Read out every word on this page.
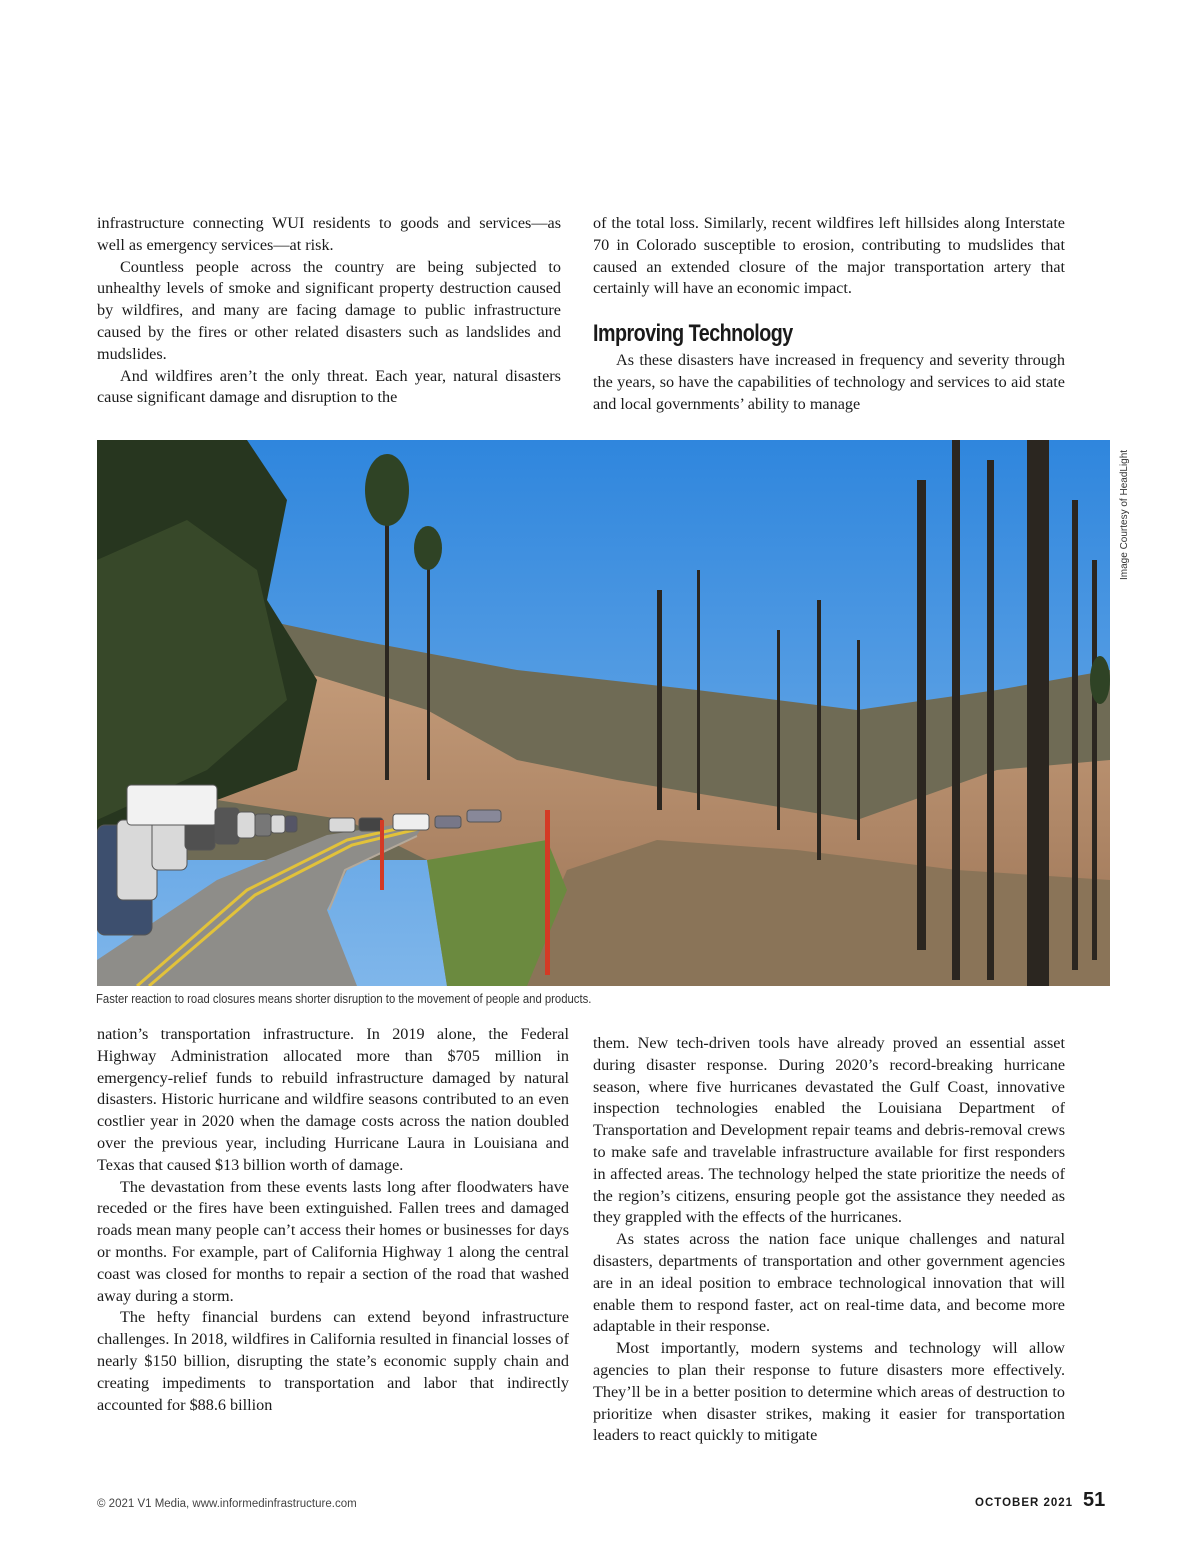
infrastructure connecting WUI residents to goods and services—as well as emergency services—at risk.

Countless people across the country are being subjected to unhealthy levels of smoke and significant property destruction caused by wildfires, and many are facing damage to public infrastructure caused by the fires or other related disasters such as landslides and mudslides.

And wildfires aren’t the only threat. Each year, natural disasters cause significant damage and disruption to the

of the total loss. Similarly, recent wildfires left hillsides along Interstate 70 in Colorado susceptible to erosion, contributing to mudslides that caused an extended closure of the major transportation artery that certainly will have an economic impact.

Improving Technology

As these disasters have increased in frequency and severity through the years, so have the capabilities of technology and services to aid state and local governments’ ability to manage

Faster reaction to road closures means shorter disruption to the movement of people and products.
Image Courtesy of HeadLight

nation’s transportation infrastructure. In 2019 alone, the Federal Highway Administration allocated more than $705 million in emergency-relief funds to rebuild infrastructure damaged by natural disasters. Historic hurricane and wildfire seasons contributed to an even costlier year in 2020 when the damage costs across the nation doubled over the previous year, including Hurricane Laura in Louisiana and Texas that caused $13 billion worth of damage.

The devastation from these events lasts long after floodwaters have receded or the fires have been extinguished. Fallen trees and damaged roads mean many people can’t access their homes or businesses for days or months. For example, part of California Highway 1 along the central coast was closed for months to repair a section of the road that washed away during a storm.

The hefty financial burdens can extend beyond infrastructure challenges. In 2018, wildfires in California resulted in financial losses of nearly $150 billion, disrupting the state’s economic supply chain and creating impediments to transportation and labor that indirectly accounted for $88.6 billion

them. New tech-driven tools have already proved an essential asset during disaster response. During 2020’s record-breaking hurricane season, where five hurricanes devastated the Gulf Coast, innovative inspection technologies enabled the Louisiana Department of Transportation and Development repair teams and debris-removal crews to make safe and travelable infrastructure available for first responders in affected areas. The technology helped the state prioritize the needs of the region’s citizens, ensuring people got the assistance they needed as they grappled with the effects of the hurricanes.

As states across the nation face unique challenges and natural disasters, departments of transportation and other government agencies are in an ideal position to embrace technological innovation that will enable them to respond faster, act on real-time data, and become more adaptable in their response.

Most importantly, modern systems and technology will allow agencies to plan their response to future disasters more effectively. They’ll be in a better position to determine which areas of destruction to prioritize when disaster strikes, making it easier for transportation leaders to react quickly to mitigate

© 2021 V1 Media, www.informedinfrastructure.com	OCTOBER 2021 51
